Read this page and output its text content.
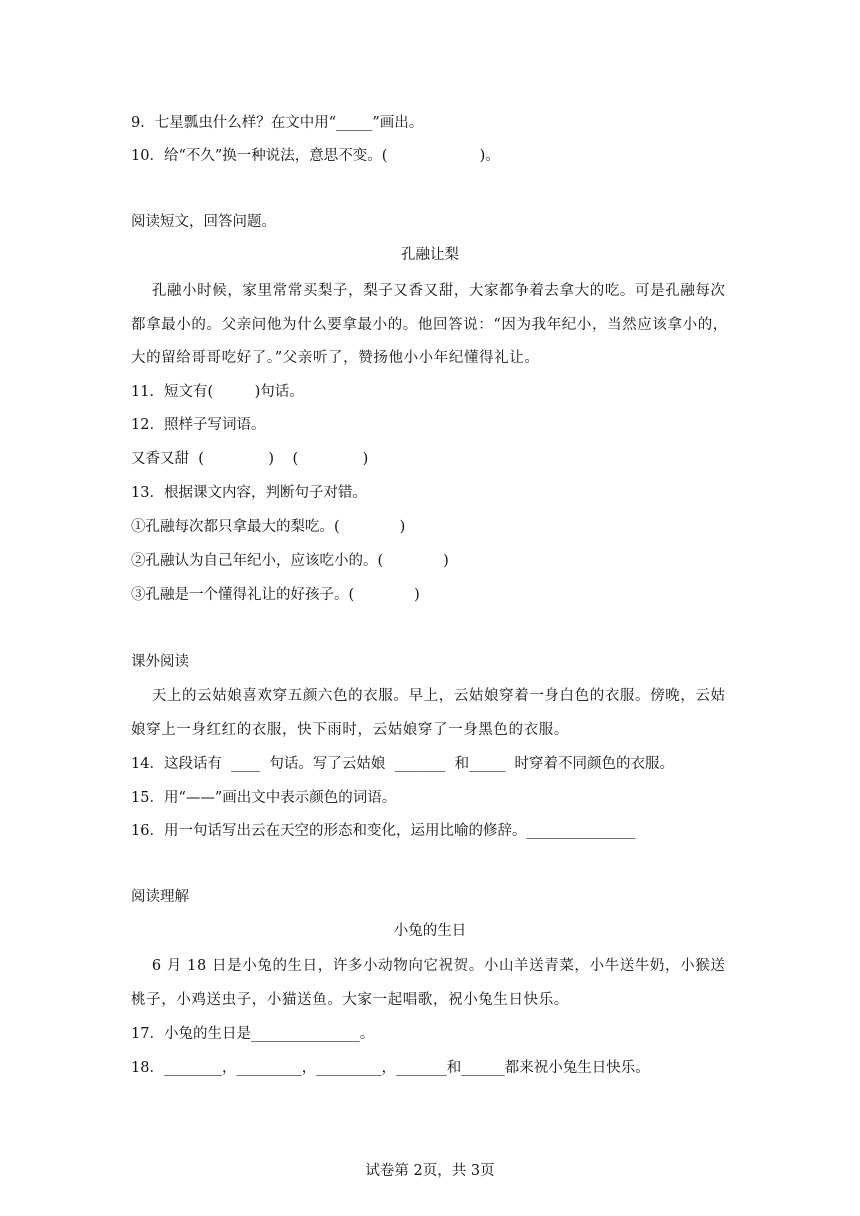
9．七星瓢虫什么样？在文中用“_____”画出。
10．给“不久”换一种说法，意思不变。(                    )。
阅读短文，回答问题。
孔融让梨
孔融小时候，家里常常买梨子，梨子又香又甜，大家都争着去拿大的吃。可是孔融每次
都拿最小的。父亲问他为什么要拿最小的。他回答说：“因为我年纪小，当然应该拿小的，
大的留给哥哥吃好了。”父亲听了，赞扬他小小年纪懂得礼让。
11．短文有(         )句话。
12．照样子写词语。
又香又甜  (              )    (              )
13．根据课文内容，判断句子对错。
①孔融每次都只拿最大的梨吃。(             )
②孔融认为自己年纪小，应该吃小的。(             )
③孔融是一个懂得礼让的好孩子。(             )
课外阅读
天上的云姑娘喜欢穿五颜六色的衣服。早上，云姑娘穿着一身白色的衣服。傍晚，云姑
娘穿上一身红红的衣服，快下雨时，云姑娘穿了一身黑色的衣服。
14．这段话有  ____  句话。写了云姑娘  _______  和_____  时穿着不同颜色的衣服。
15．用“——”画出文中表示颜色的词语。
16．用一句话写出云在天空的形态和变化，运用比喻的修辞。_______________
阅读理解
小兔的生日
6 月 18 日是小兔的生日，许多小动物向它祝贺。小山羊送青菜，小牛送牛奶，小猴送
桃子，小鸡送虫子，小猫送鱼。大家一起唱歌，祝小兔生日快乐。
17．小兔的生日是_______________。
18．________，_________，_________，_______和______都来祝小兔生日快乐。
试卷第 2页，共 3页
